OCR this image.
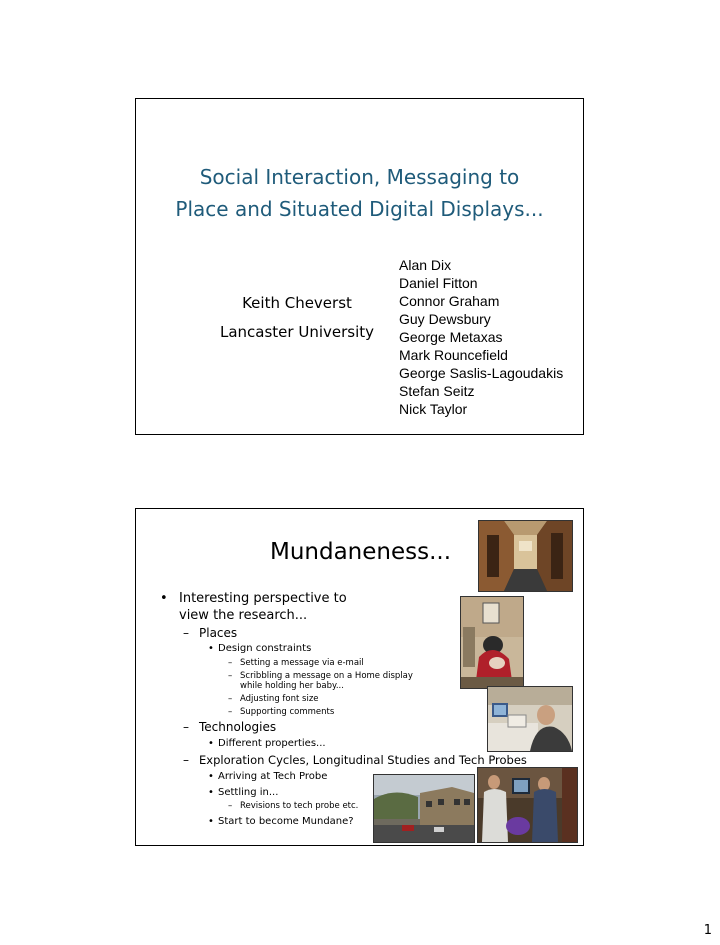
Social Interaction, Messaging to
Place and Situated Digital Displays...
Keith Cheverst
Lancaster University
Alan Dix
Daniel Fitton
Connor Graham
Guy Dewsbury
George Metaxas
Mark Rouncefield
George Saslis-Lagoudakis
Stefan Seitz
Nick Taylor
Mundaneness...
• Interesting perspective to
view the research...
– Places
• Design constraints
– Setting a message via e-mail
– Scribbling a message on a Home display
while holding her baby...
– Adjusting font size
– Supporting comments
– Technologies
• Different properties...
– Exploration Cycles, Longitudinal Studies and Tech Probes
• Arriving at Tech Probe
• Settling in...
– Revisions to tech probe etc.
• Start to become Mundane?
1
